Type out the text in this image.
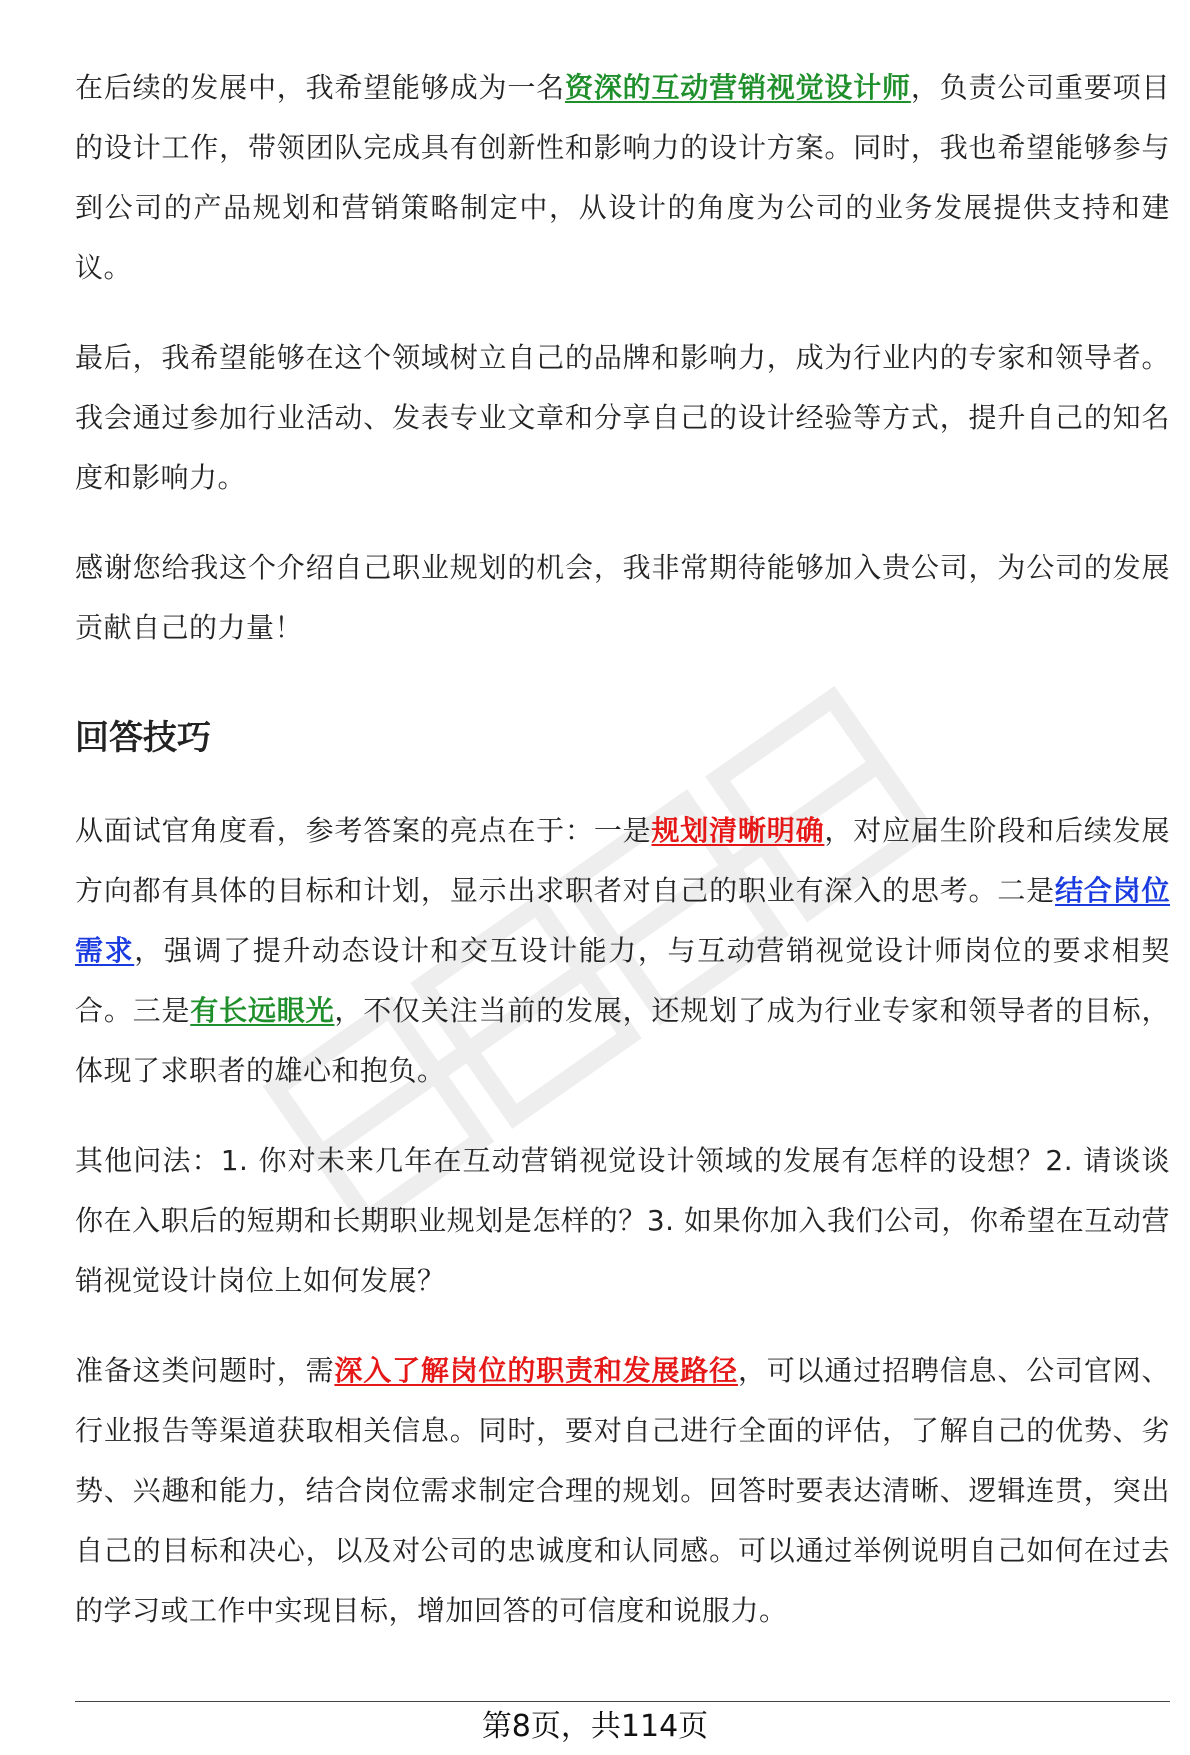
在后续的发展中，我希望能够成为一名资深的互动营销视觉设计师，负责公司重要项目的设计工作，带领团队完成具有创新性和影响力的设计方案。同时，我也希望能够参与到公司的产品规划和营销策略制定中，从设计的角度为公司的业务发展提供支持和建议。

最后，我希望能够在这个领域树立自己的品牌和影响力，成为行业内的专家和领导者。我会通过参加行业活动、发表专业文章和分享自己的设计经验等方式，提升自己的知名度和影响力。

感谢您给我这个介绍自己职业规划的机会，我非常期待能够加入贵公司，为公司的发展贡献自己的力量！

回答技巧

从面试官角度看，参考答案的亮点在于：一是规划清晰明确，对应届生阶段和后续发展方向都有具体的目标和计划，显示出求职者对自己的职业有深入的思考。二是结合岗位需求，强调了提升动态设计和交互设计能力，与互动营销视觉设计师岗位的要求相契合。三是有长远眼光，不仅关注当前的发展，还规划了成为行业专家和领导者的目标，体现了求职者的雄心和抱负。

其他问法：1. 你对未来几年在互动营销视觉设计领域的发展有怎样的设想？2. 请谈谈你在入职后的短期和长期职业规划是怎样的？3. 如果你加入我们公司，你希望在互动营销视觉设计岗位上如何发展？

准备这类问题时，需深入了解岗位的职责和发展路径，可以通过招聘信息、公司官网、行业报告等渠道获取相关信息。同时，要对自己进行全面的评估，了解自己的优势、劣势、兴趣和能力，结合岗位需求制定合理的规划。回答时要表达清晰、逻辑连贯，突出自己的目标和决心，以及对公司的忠诚度和认同感。可以通过举例说明自己如何在过去的学习或工作中实现目标，增加回答的可信度和说服力。

第8页，共114页
